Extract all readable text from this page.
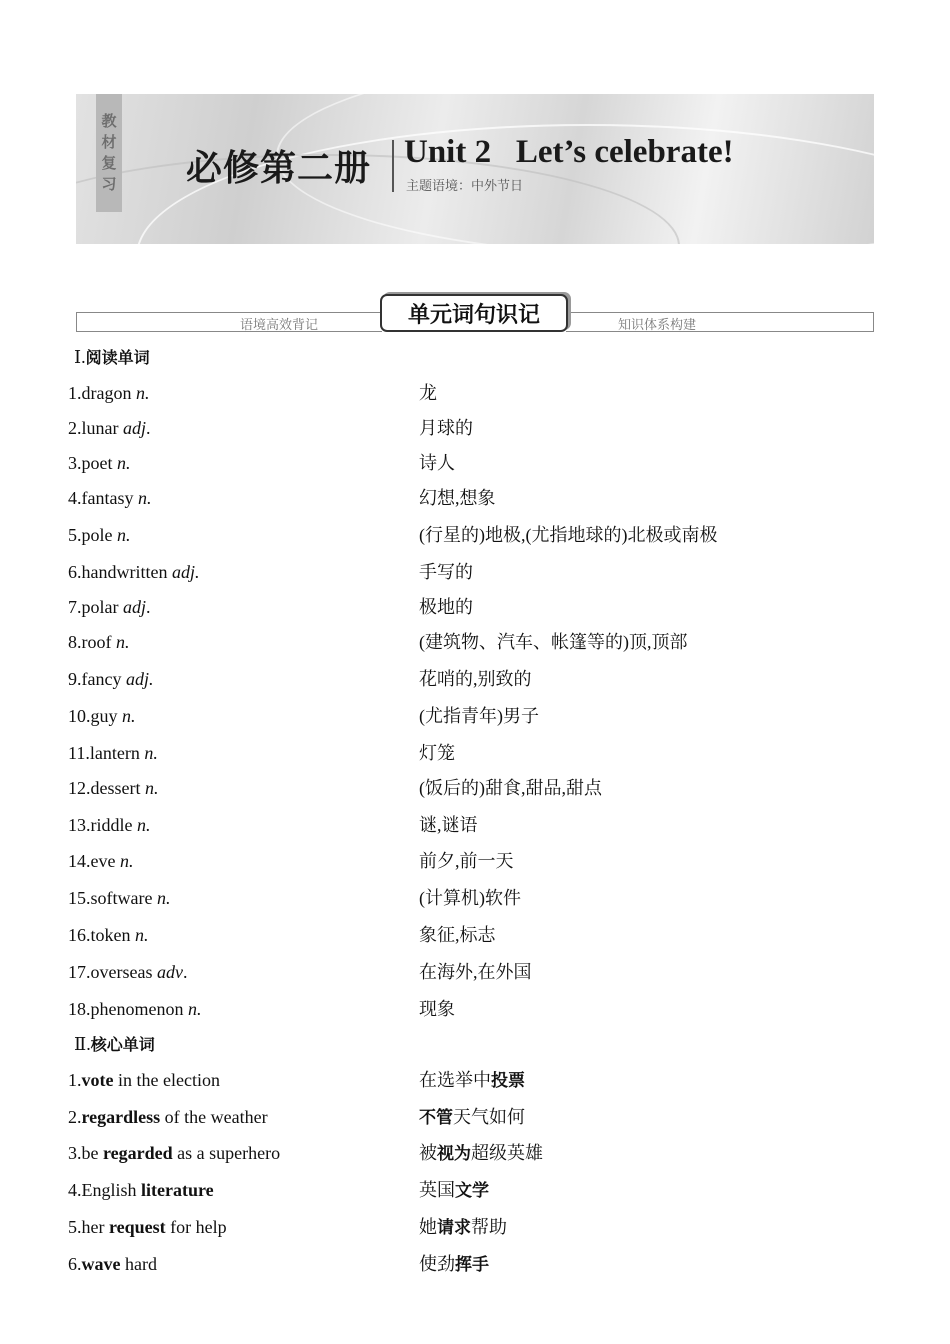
教
材
复
习 必修第二册 Unit 2   Let’s celebrate!
主题语境：中外节日
语境高效背记	知识体系构建
单元词句识记
Ⅰ.阅读单词
1.dragon n.	龙
2.lunar adj.	月球的
3.poet n.	诗人
4.fantasy n.	幻想,想象
5.pole n.	(行星的)地极,(尤指地球的)北极或南极
6.handwritten adj.	手写的
7.polar adj.	极地的
8.roof n.	(建筑物、汽车、帐篷等的)顶,顶部
9.fancy adj.	花哨的,别致的
10.guy n.	(尤指青年)男子
11.lantern n.	灯笼
12.dessert n.	(饭后的)甜食,甜品,甜点
13.riddle n.	谜,谜语
14.eve n.	前夕,前一天
15.software n.	(计算机)软件
16.token n.	象征,标志
17.overseas adv.	在海外,在外国
18.phenomenon n.	现象
Ⅱ.核心单词
1.vote in the election	在选举中投票
2.regardless of the weather	不管天气如何
3.be regarded as a superhero	被视为超级英雄
4.English literature	英国文学
5.her request for help	她请求帮助
6.wave hard	使劲挥手
